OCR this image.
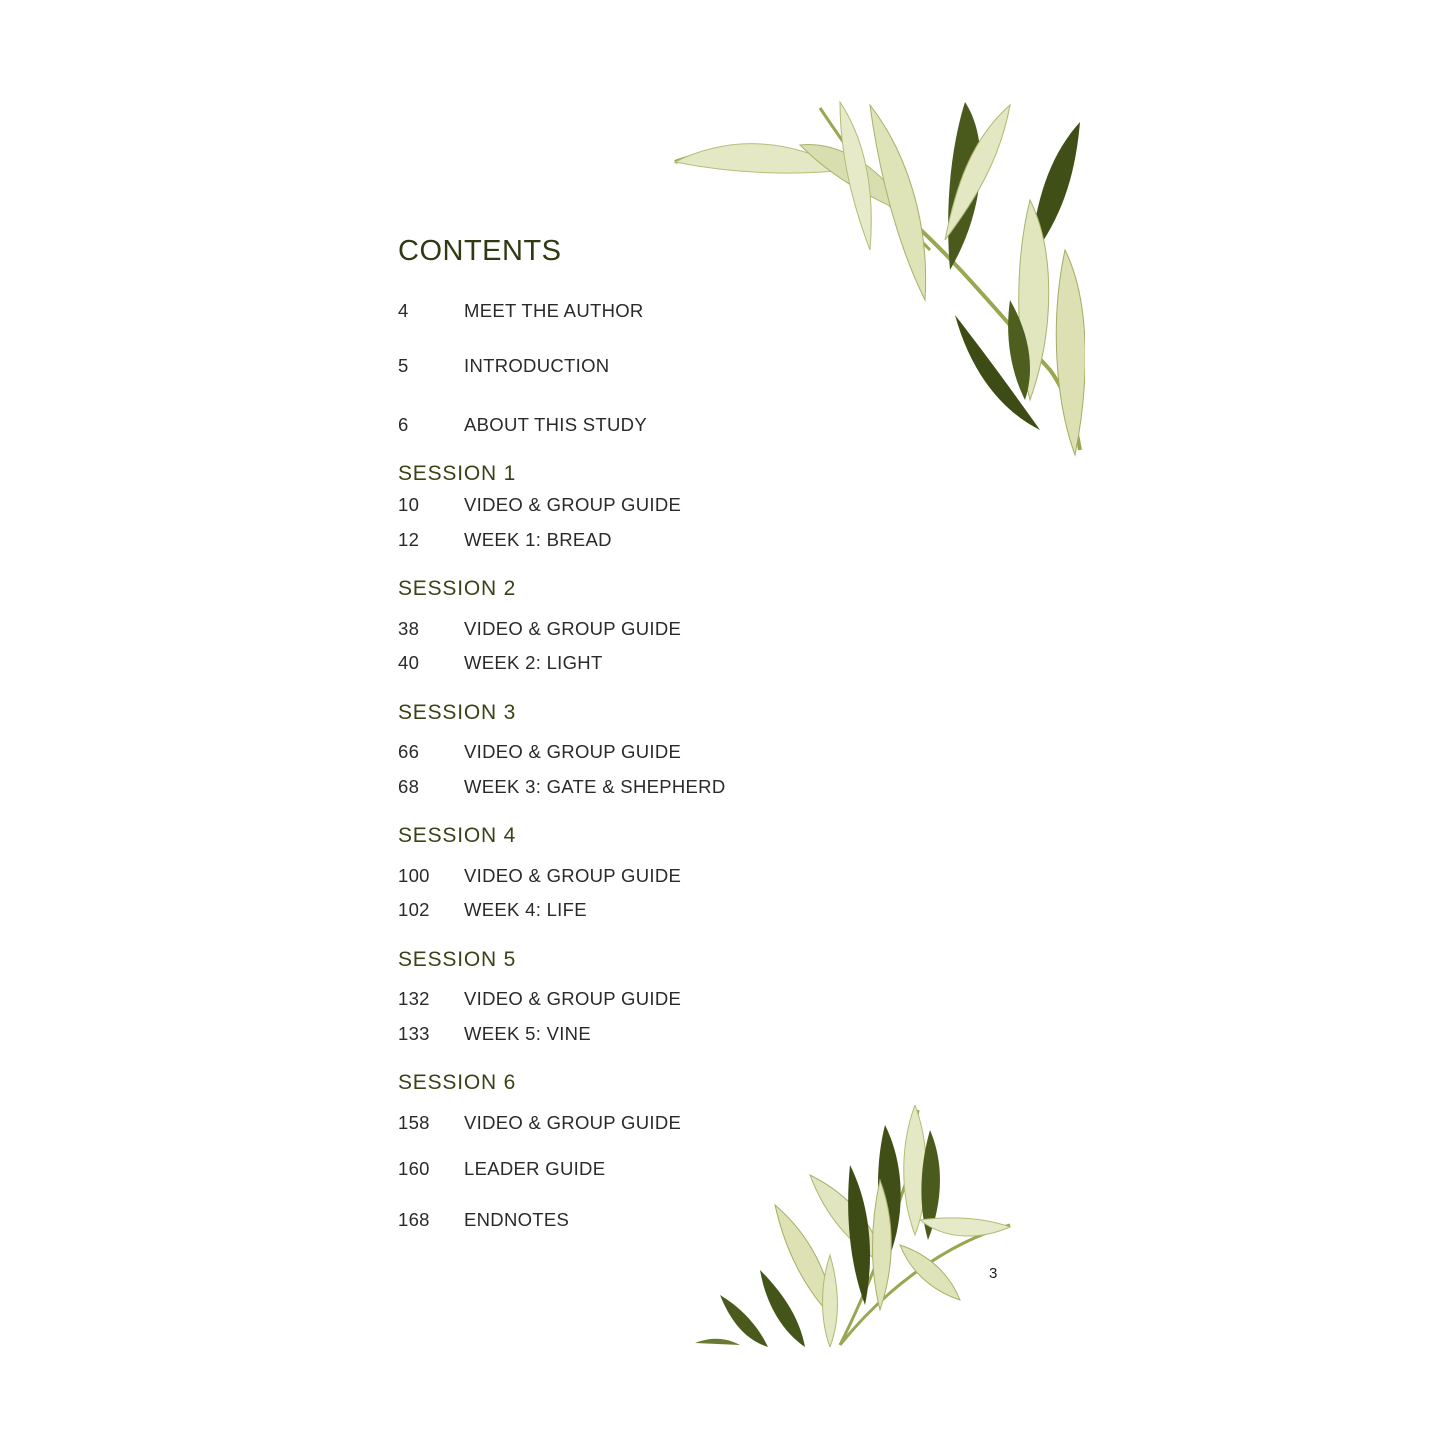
CONTENTS
4	MEET THE AUTHOR
5	INTRODUCTION
6	ABOUT THIS STUDY
SESSION 1
10 VIDEO & GROUP GUIDE
12 WEEK 1: BREAD
SESSION 2
38 VIDEO & GROUP GUIDE
40 WEEK 2: LIGHT
SESSION 3
66 VIDEO & GROUP GUIDE
68 WEEK 3: GATE & SHEPHERD
SESSION 4
100 VIDEO & GROUP GUIDE
102 WEEK 4: LIFE
SESSION 5
132 VIDEO & GROUP GUIDE
133 WEEK 5: VINE
SESSION 6
158 VIDEO & GROUP GUIDE
160 LEADER GUIDE
168 ENDNOTES
3
